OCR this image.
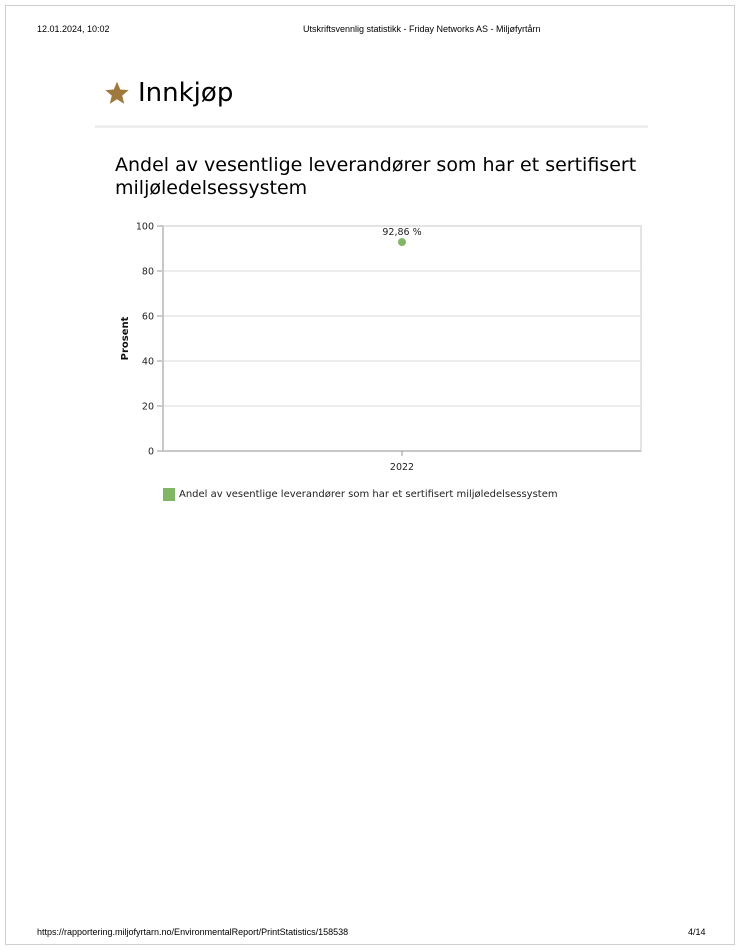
12.01.2024, 10:02	Utskriftsvennlig statistikk - Friday Networks AS - Miljøfyrtårn
Innkjøp
Andel av vesentlige leverandører som har et sertifisert miljøledelsessystem
0
20
40
60
80
100
Prosent
2022
92,86 %
Andel av vesentlige leverandører som har et sertifisert miljøledelsessystem
https://rapportering.miljofyrtarn.no/EnvironmentalReport/PrintStatistics/158538	4/14
